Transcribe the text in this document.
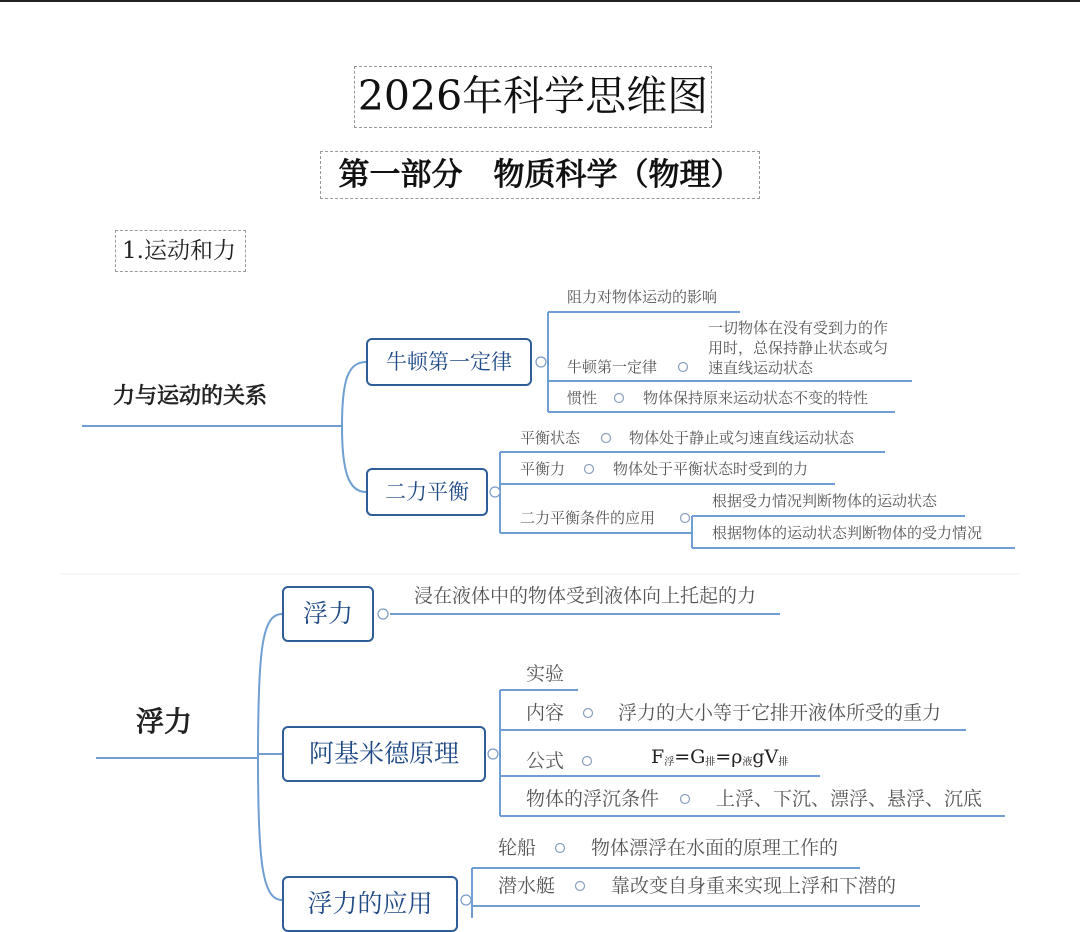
2026年科学思维图
第一部分　物质科学（物理）
1.运动和力
力与运动的关系
牛顿第一定律
二力平衡
阻力对物体运动的影响
牛顿第一定律
一切物体在没有受到力的作
用时，总保持静止状态或匀
速直线运动状态
惯性	物体保持原来运动状态不变的特性
平衡状态	物体处于静止或匀速直线运动状态
平衡力	物体处于平衡状态时受到的力
二力平衡条件的应用
根据受力情况判断物体的运动状态
根据物体的运动状态判断物体的受力情况
浮力
浮力
阿基米德原理
浮力的应用
浸在液体中的物体受到液体向上托起的力
实验
内容	浮力的大小等于它排开液体所受的重力
公式	$F_浮=G_排=\rho_液gV_排$
物体的浮沉条件	上浮、下沉、漂浮、悬浮、沉底
轮船	物体漂浮在水面的原理工作的
潜水艇	靠改变自身重来实现上浮和下潜的
